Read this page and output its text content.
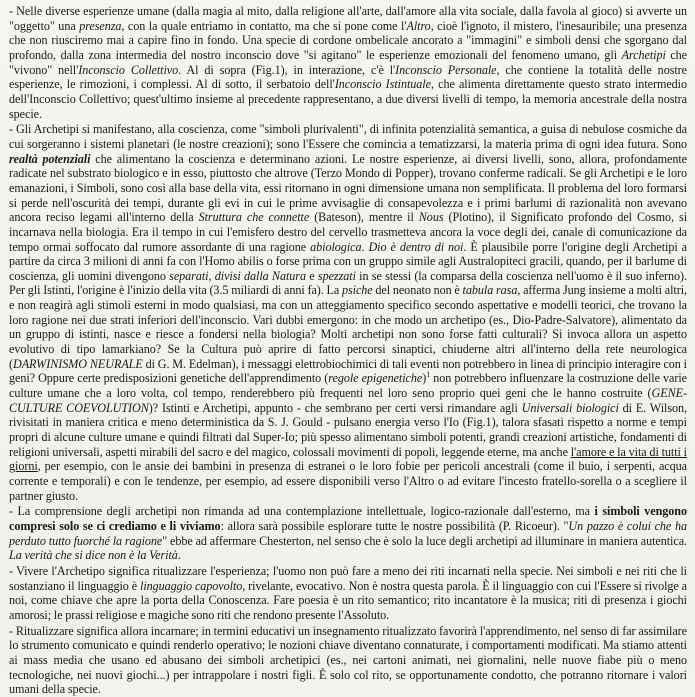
- Nelle diverse esperienze umane (dalla magia al mito, dalla religione all'arte, dall'amore alla vita sociale, dalla favola al gioco) si avverte un "oggetto" una presenza, con la quale entriamo in contatto, ma che si pone come l'Altro, cioè l'ignoto, il mistero, l'inesauribile; una presenza che non riusciremo mai a capire fino in fondo. Una specie di cordone ombelicale ancorato a "immagini" e simboli densi che sgorgano dal profondo, dalla zona intermedia del nostro inconscio dove "si agitano" le esperienze emozionali del fenomeno umano, gli Archetipi che "vivono" nell'Inconscio Collettivo. Al di sopra (Fig.1), in interazione, c'è l'Inconscio Personale, che contiene la totalità delle nostre esperienze, le rimozioni, i complessi. Al di sotto, il serbatoio dell'Inconscio Istintuale, che alimenta direttamente questo strato intermedio dell'Inconscio Collettivo; quest'ultimo insieme al precedente rappresentano, a due diversi livelli di tempo, la memoria ancestrale della nostra specie.

- Gli Archetipi si manifestano, alla coscienza, come "simboli plurivalenti", di infinita potenzialità semantica, a guisa di nebulose cosmiche da cui sorgeranno i sistemi planetari (le nostre creazioni); sono l'Essere che comincia a tematizzarsi, la materia prima di ogni idea futura. Sono realtà potenziali che alimentano la coscienza e determinano azioni. Le nostre esperienze, ai diversi livelli, sono, allora, profondamente radicate nel substrato biologico e in esso, piuttosto che altrove (Terzo Mondo di Popper), trovano conferme radicali. Se gli Archetipi e le loro emanazioni, i Simboli, sono così alla base della vita, essi ritornano in ogni dimensione umana non semplificata. Il problema del loro formarsi si perde nell'oscurità dei tempi, durante gli evi in cui le prime avvisaglie di consapevolezza e i primi barlumi di razionalità non avevano ancora reciso legami all'interno della Struttura che connette (Bateson), mentre il Nous (Plotino), il Significato profondo del Cosmo, si incarnava nella biologia. Era il tempo in cui l'emisfero destro del cervello trasmetteva ancora la voce degli dei, canale di comunicazione da tempo ormai soffocato dal rumore assordante di una ragione abiologica. Dio è dentro di noi. È plausibile porre l'origine degli Archetipi a partire da circa 3 milioni di anni fa con l'Homo abilis o forse prima con un gruppo simile agli Australopiteci gracili, quando, per il barlume di coscienza, gli uomini divengono separati, divisi dalla Natura e spezzati in se stessi (la comparsa della coscienza nell'uomo è il suo inferno). Per gli Istinti, l'origine è l'inizio della vita (3.5 miliardi di anni fa). La psiche del neonato non è tabula rasa, afferma Jung insieme a molti altri, e non reagirà agli stimoli esterni in modo qualsiasi, ma con un atteggiamento specifico secondo aspettative e modelli teorici, che trovano la loro ragione nei due strati inferiori dell'inconscio. Vari dubbi emergono: in che modo un archetipo (es., Dio-Padre-Salvatore), alimentato da un gruppo di istinti, nasce e riesce a fondersi nella biologia? Molti archetipi non sono forse fatti culturali? Si invoca allora un aspetto evolutivo di tipo lamarkiano? Se la Cultura può aprire di fatto percorsi sinaptici, chiuderne altri all'interno della rete neurologica (DARWINISMO NEURALE di G. M. Edelman), i messaggi elettrobiochimici di tali eventi non potrebbero in linea di principio interagire con i geni? Oppure certe predisposizioni genetiche dell'apprendimento (regole epigenetiche)$^1$ non potrebbero influenzare la costruzione delle varie culture umane che a loro volta, col tempo, renderebbero più frequenti nel loro seno proprio quei geni che le hanno costruite (GENE-CULTURE COEVOLUTION)? Istinti e Archetipi, appunto - che sembrano per certi versi rimandare agli Universali biologici di E. Wilson, rivisitati in maniera critica e meno deterministica da S. J. Gould - pulsano energia verso l'Io (Fig.1), talora sfasati rispetto a norme e tempi propri di alcune culture umane e quindi filtrati dal Super-Io; più spesso alimentano simboli potenti, grandi creazioni artistiche, fondamenti di religioni universali, aspetti mirabili del sacro e del magico, colossali movimenti di popoli, leggende eterne, ma anche l'amore e la vita di tutti i giorni, per esempio, con le ansie dei bambini in presenza di estranei o le loro fobie per pericoli ancestrali (come il buio, i serpenti, acqua corrente e temporali) e con le tendenze, per esempio, ad essere disponibili verso l'Altro o ad evitare l'incesto fratello-sorella o a scegliere il partner giusto.

- La comprensione degli archetipi non rimanda ad una contemplazione intellettuale, logico-razionale dall'esterno, ma i simboli vengono compresi solo se ci crediamo e li viviamo: allora sarà possibile esplorare tutte le nostre possibilità (P. Ricoeur). "Un pazzo è colui che ha perduto tutto fuorché la ragione" ebbe ad affermare Chesterton, nel senso che è solo la luce degli archetipi ad illuminare in maniera autentica. La verità che si dice non è la Verità.

- Vivere l'Archetipo significa ritualizzare l'esperienza; l'uomo non può fare a meno dei riti incarnati nella specie. Nei simboli e nei riti che li sostanziano il linguaggio è linguaggio capovolto, rivelante, evocativo. Non è nostra questa parola. È il linguaggio con cui l'Essere si rivolge a noi, come chiave che apre la porta della Conoscenza. Fare poesia è un rito semantico; rito incantatore è la musica; riti di presenza i giochi amorosi; le prassi religiose e magiche sono riti che rendono presente l'Assoluto.

- Ritualizzare significa allora incarnare; in termini educativi un insegnamento ritualizzato favorirà l'apprendimento, nel senso di far assimilare lo strumento comunicato e quindi renderlo operativo; le nozioni chiave diventano connaturate, i comportamenti modificati. Ma stiamo attenti ai mass media che usano ed abusano dei simboli archetipici (es., nei cartoni animati, nei giornalini, nelle nuove fiabe più o meno tecnologiche, nei nuovi giochi...) per intrappolare i nostri figli. È solo col rito, se opportunamente condotto, che potranno ritornare i valori umani della specie.
